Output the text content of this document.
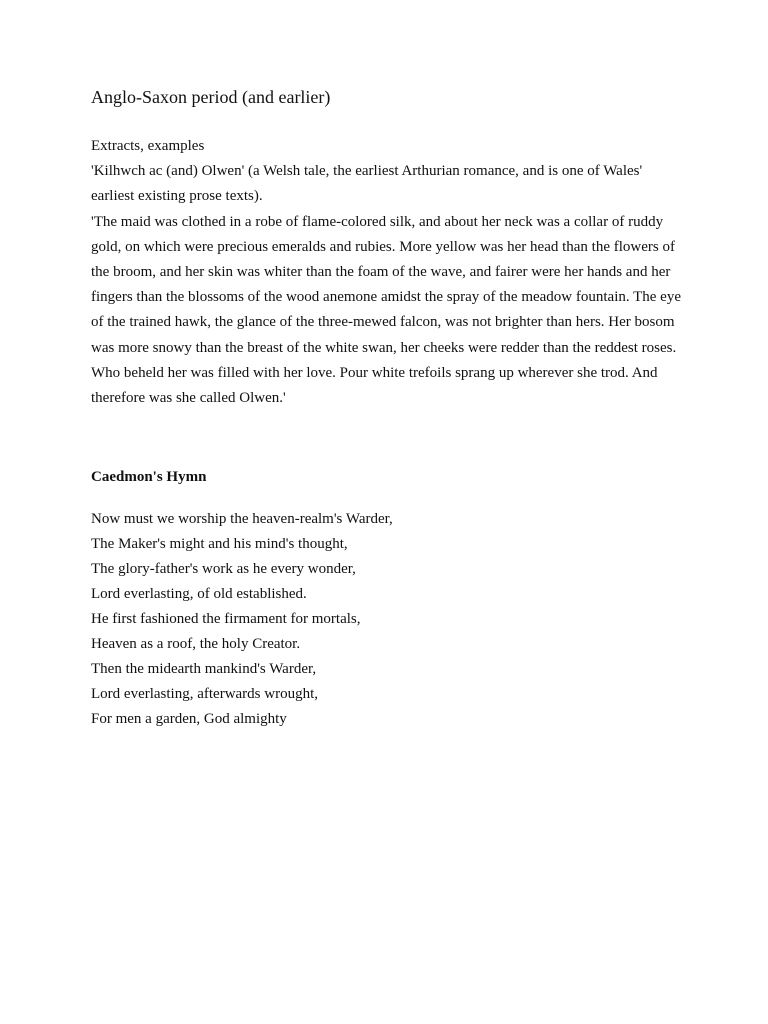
Anglo-Saxon period (and earlier)

Extracts, examples

'Kilhwch ac (and) Olwen' (a Welsh tale, the earliest Arthurian romance, and is one of Wales' earliest existing prose texts).

'The maid was clothed in a robe of flame-colored silk, and about her neck was a collar of ruddy gold, on which were precious emeralds and rubies. More yellow was her head than the flowers of the broom, and her skin was whiter than the foam of the wave, and fairer were her hands and her fingers than the blossoms of the wood anemone amidst the spray of the meadow fountain. The eye of the trained hawk, the glance of the three-mewed falcon, was not brighter than hers. Her bosom was more snowy than the breast of the white swan, her cheeks were redder than the reddest roses. Who beheld her was filled with her love. Pour white trefoils sprang up wherever she trod. And therefore was she called Olwen.'

Caedmon's Hymn
Now must we worship the heaven-realm's Warder,
The Maker's might and his mind's thought,
The glory-father's work as he every wonder,
Lord everlasting, of old established.
He first fashioned the firmament for mortals,
Heaven as a roof, the holy Creator.
Then the midearth mankind's Warder,
Lord everlasting, afterwards wrought,
For men a garden, God almighty
